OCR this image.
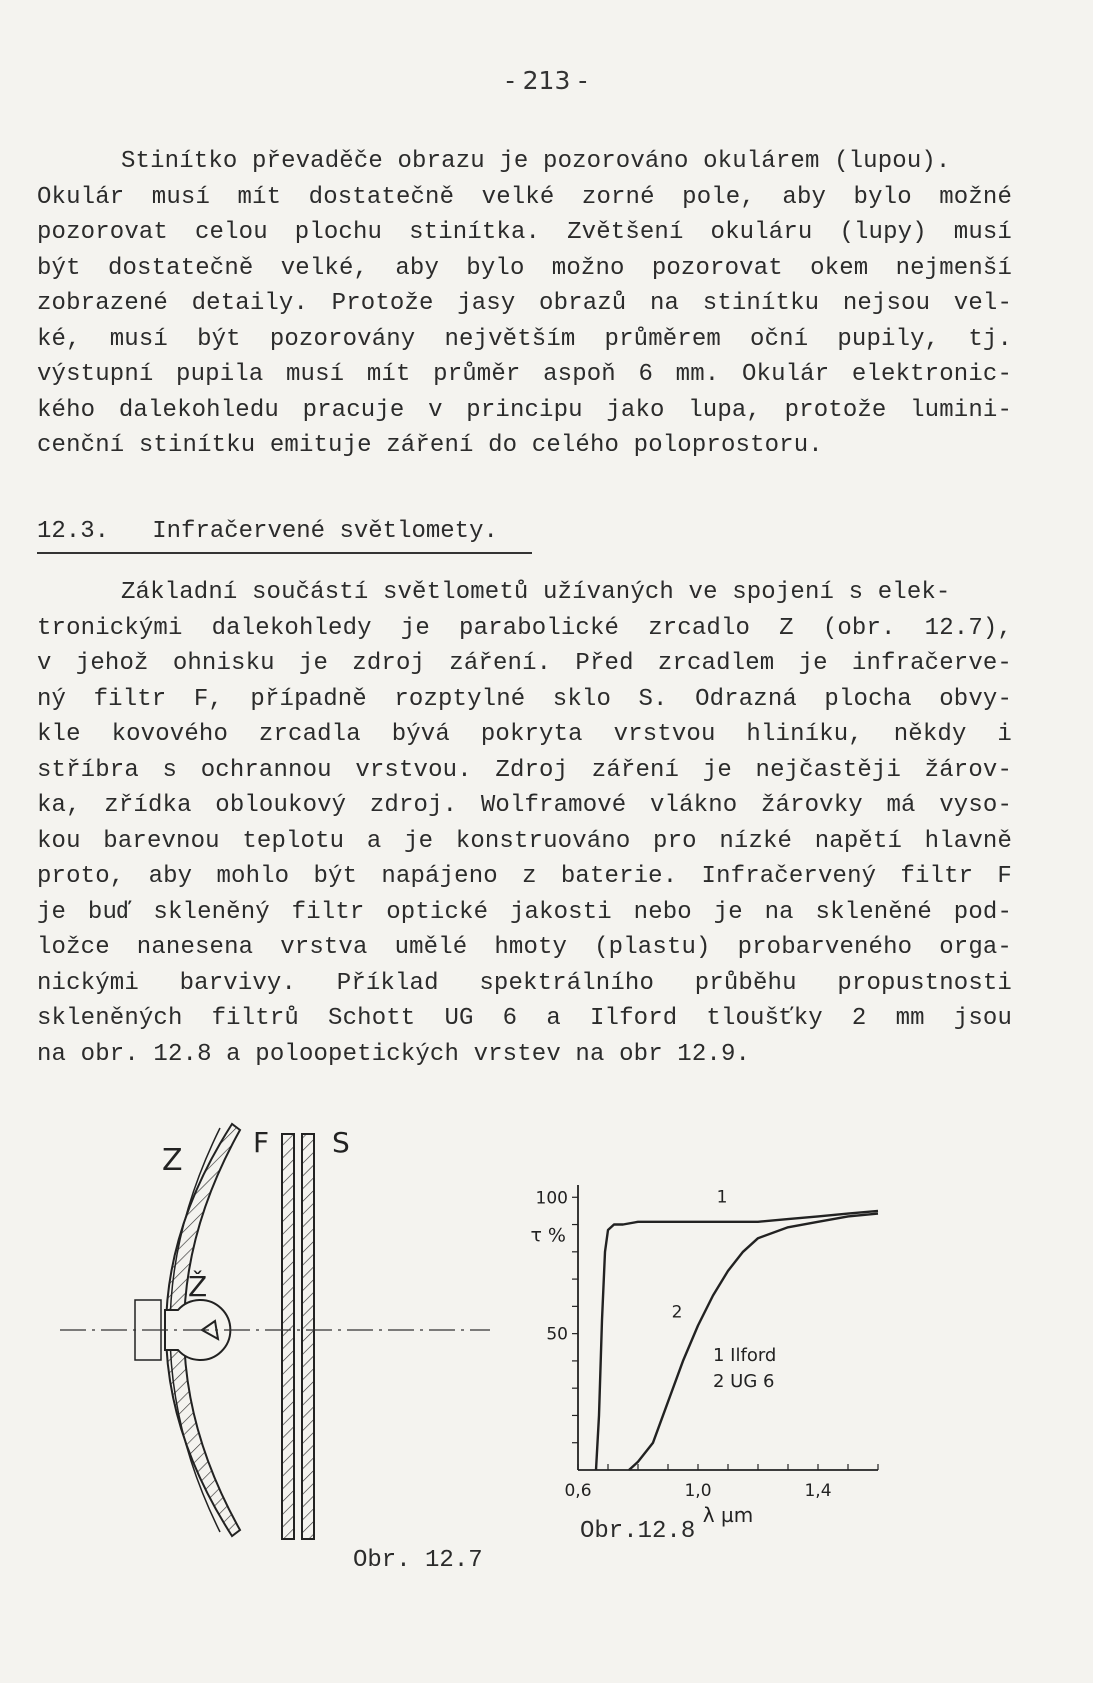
- 213 -
Stinítko převaděče obrazu je pozorováno okulárem (lupou).
Okulár musí mít dostatečně velké zorné pole, aby bylo možné
pozorovat celou plochu stinítka. Zvětšení okuláru (lupy) musí
být dostatečně velké, aby bylo možno pozorovat okem nejmenší
zobrazené detaily. Protože jasy obrazů na stinítku nejsou vel-
ké, musí být pozorovány největším průměrem oční pupily, tj.
výstupní pupila musí mít průměr aspoň 6 mm. Okulár elektronic-
kého dalekohledu pracuje v principu jako lupa, protože lumini-
cenční stinítku emituje záření do celého poloprostoru.
12.3. Infračervené světlomety.
Základní součástí světlometů užívaných ve spojení s elek-
tronickými dalekohledy je parabolické zrcadlo Z (obr. 12.7),
v jehož ohnisku je zdroj záření. Před zrcadlem je infračerve-
ný filtr F, případně rozptylné sklo S. Odrazná plocha obvy-
kle kovového zrcadla bývá pokryta vrstvou hliníku, někdy i
stříbra s ochrannou vrstvou. Zdroj záření je nejčastěji žárov-
ka, zřídka obloukový zdroj. Wolframové vlákno žárovky má vyso-
kou barevnou teplotu a je konstruováno pro nízké napětí hlavně
proto, aby mohlo být napájeno z baterie. Infračervený filtr F
je buď skleněný filtr optické jakosti nebo je na skleněné pod-
ložce nanesena vrstva umělé hmoty (plastu) probarveného orga-
nickými barvivy. Příklad spektrálního průběhu propustnosti
skleněných filtrů Schott UG 6 a Ilford tloušťky 2 mm jsou
na obr. 12.8 a poloopetických vrstev na obr 12.9.
Z
F S
Ž
Obr. 12.7
0,6	1,0	1,4
100
50
τ %
λ µm
1
2
1 Ilford
2 UG 6
Obr.12.8
